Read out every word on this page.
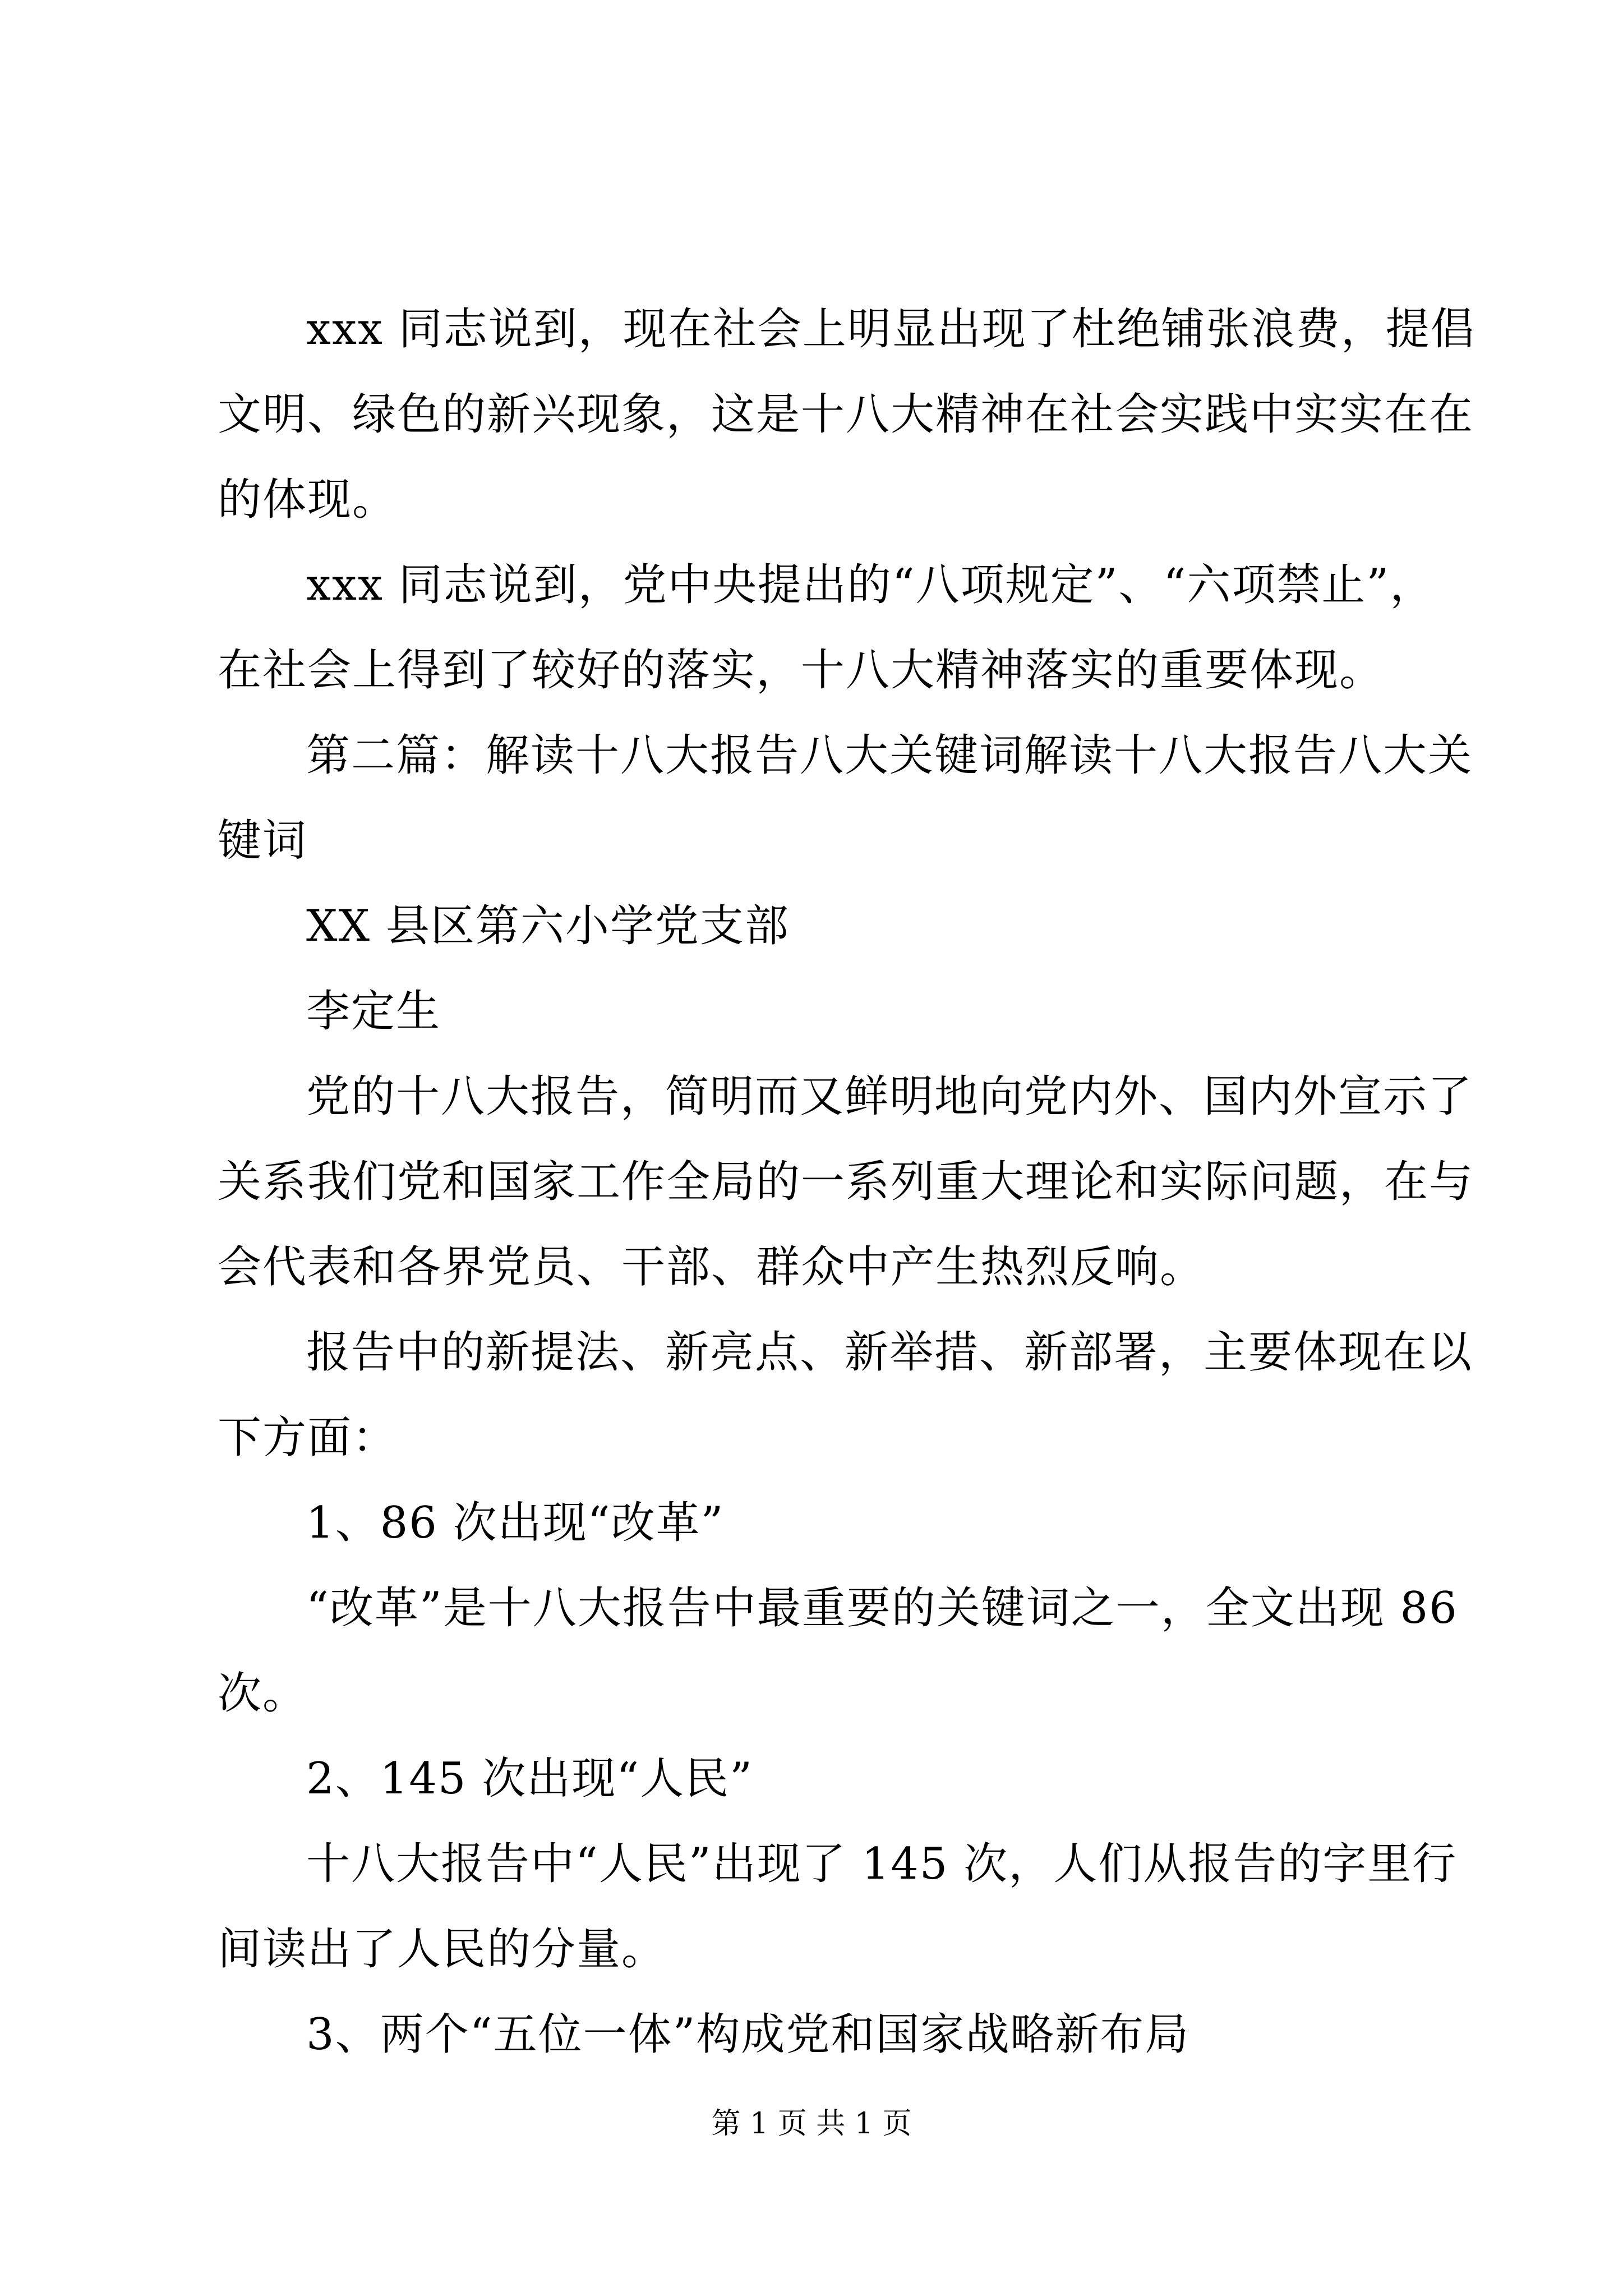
xxx 同志说到，现在社会上明显出现了杜绝铺张浪费，提倡
文明、绿色的新兴现象，这是十八大精神在社会实践中实实在在
的体现。
xxx 同志说到，党中央提出的“八项规定”、“六项禁止”，
在社会上得到了较好的落实，十八大精神落实的重要体现。
第二篇：解读十八大报告八大关键词解读十八大报告八大关
键词
XX 县区第六小学党支部
李定生
党的十八大报告，简明而又鲜明地向党内外、国内外宣示了
关系我们党和国家工作全局的一系列重大理论和实际问题，在与
会代表和各界党员、干部、群众中产生热烈反响。
报告中的新提法、新亮点、新举措、新部署，主要体现在以
下方面：
1、86 次出现“改革”
“改革”是十八大报告中最重要的关键词之一，全文出现 86
次。
2、145 次出现“人民”
十八大报告中“人民”出现了 145 次，人们从报告的字里行
间读出了人民的分量。
3、两个“五位一体”构成党和国家战略新布局
第 1 页 共 1 页
